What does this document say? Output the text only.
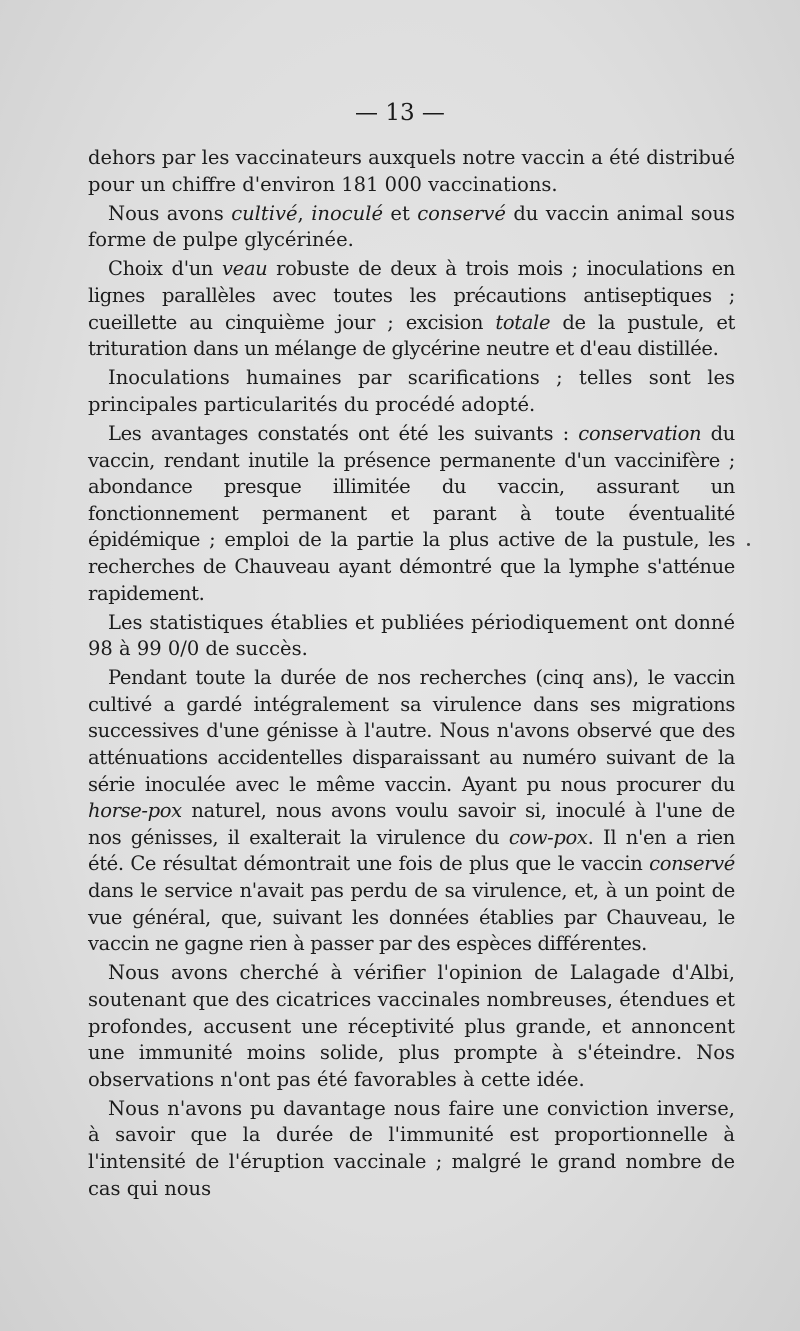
— 13 —

dehors par les vaccinateurs auxquels notre vaccin a été distribué pour un chiffre d'environ 181 000 vaccinations.

Nous avons cultivé, inoculé et conservé du vaccin animal sous forme de pulpe glycérinée.

Choix d'un veau robuste de deux à trois mois ; inoculations en lignes parallèles avec toutes les précautions antiseptiques ; cueillette au cinquième jour ; excision totale de la pustule, et trituration dans un mélange de glycérine neutre et d'eau distillée.

Inoculations humaines par scarifications ; telles sont les principales particularités du procédé adopté.

Les avantages constatés ont été les suivants : conservation du vaccin, rendant inutile la présence permanente d'un vaccinifère ; abondance presque illimitée du vaccin, assurant un fonctionnement permanent et parant à toute éventualité épidémique ; emploi de la partie la plus active de la pustule, les recherches de Chauveau ayant démontré que la lymphe s'atténue rapidement.

Les statistiques établies et publiées périodiquement ont donné 98 à 99 0/0 de succès.

Pendant toute la durée de nos recherches (cinq ans), le vaccin cultivé a gardé intégralement sa virulence dans ses migrations successives d'une génisse à l'autre. Nous n'avons observé que des atténuations accidentelles disparaissant au numéro suivant de la série inoculée avec le même vaccin. Ayant pu nous procurer du horse-pox naturel, nous avons voulu savoir si, inoculé à l'une de nos génisses, il exalterait la virulence du cow-pox. Il n'en a rien été. Ce résultat démontrait une fois de plus que le vaccin conservé dans le service n'avait pas perdu de sa virulence, et, à un point de vue général, que, suivant les données établies par Chauveau, le vaccin ne gagne rien à passer par des espèces différentes.

Nous avons cherché à vérifier l'opinion de Lalagade d'Albi, soutenant que des cicatrices vaccinales nombreuses, étendues et profondes, accusent une réceptivité plus grande, et annoncent une immunité moins solide, plus prompte à s'éteindre. Nos observations n'ont pas été favorables à cette idée.

Nous n'avons pu davantage nous faire une conviction inverse, à savoir que la durée de l'immunité est proportionnelle à l'intensité de l'éruption vaccinale ; malgré le grand nombre de cas qui nous
